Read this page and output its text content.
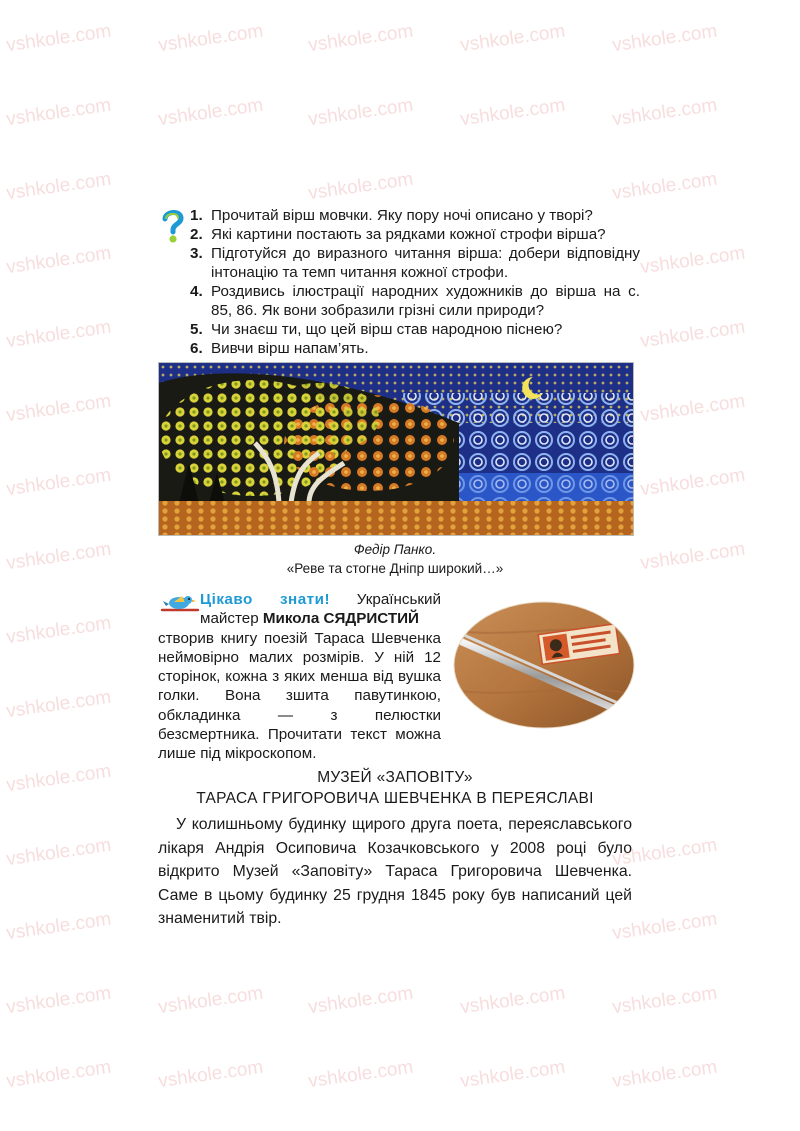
vshkole.com vshkole.com vshkole.com vshkole.com vshkole.com
vshkole.com vshkole.com vshkole.com vshkole.com vshkole.com
vshkole.com	vshkole.com	vshkole.com
vshkole.com
vshkole.com
vshkole.com
vshkole.com
vshkole.com
vshkole.com
vshkole.com
vshkole.com
vshkole.com
vshkole.com
vshkole.com
vshkole.com
vshkole.com
vshkole.com
vshkole.com
vshkole.com
vshkole.com
vshkole.com
vshkole.com
vshkole.com
vshkole.com
vshkole.com vshkole.com vshkole.com
vshkole.com vshkole.com vshkole.com
1. Прочитай вірш мовчки. Яку пору ночі описано у творі?
2. Які картини постають за рядками кожної строфи вірша?
3. Підготуйся до виразного читання вірша: добери відповідну інтонацію та темп читання кожної строфи.
4. Роздивись ілюстрації народних художників до вірша на с. 85, 86. Як вони зобразили грізні сили природи?
5. Чи знаєш ти, що цей вірш став народною піснею?
6. Вивчи вірш напам’ять.
Федір Панко.
«Реве та стогне Дніпр широкий…»
Цікаво знати! Український майстер Микола СЯДРИСТИЙ
створив книгу поезій Тараса Шевченка неймовірно малих розмірів. У ній 12 сторінок, кожна з яких менша від вушка голки. Вона зшита павутинкою, обкладинка — з пелюстки безсмертника. Прочитати текст можна лише під мікроскопом.
МУЗЕЙ «ЗАПОВІТУ»
ТАРАСА ГРИГОРОВИЧА ШЕВЧЕНКА В ПЕРЕЯСЛАВІ

У колишньому будинку щирого друга поета, переяславського лікаря Андрія Осиповича Козачковського у 2008 році було відкрито Музей «Заповіту» Тараса Григоровича Шевченка. Саме в цьому будинку 25 грудня 1845 року був написаний цей знаменитий твір.
